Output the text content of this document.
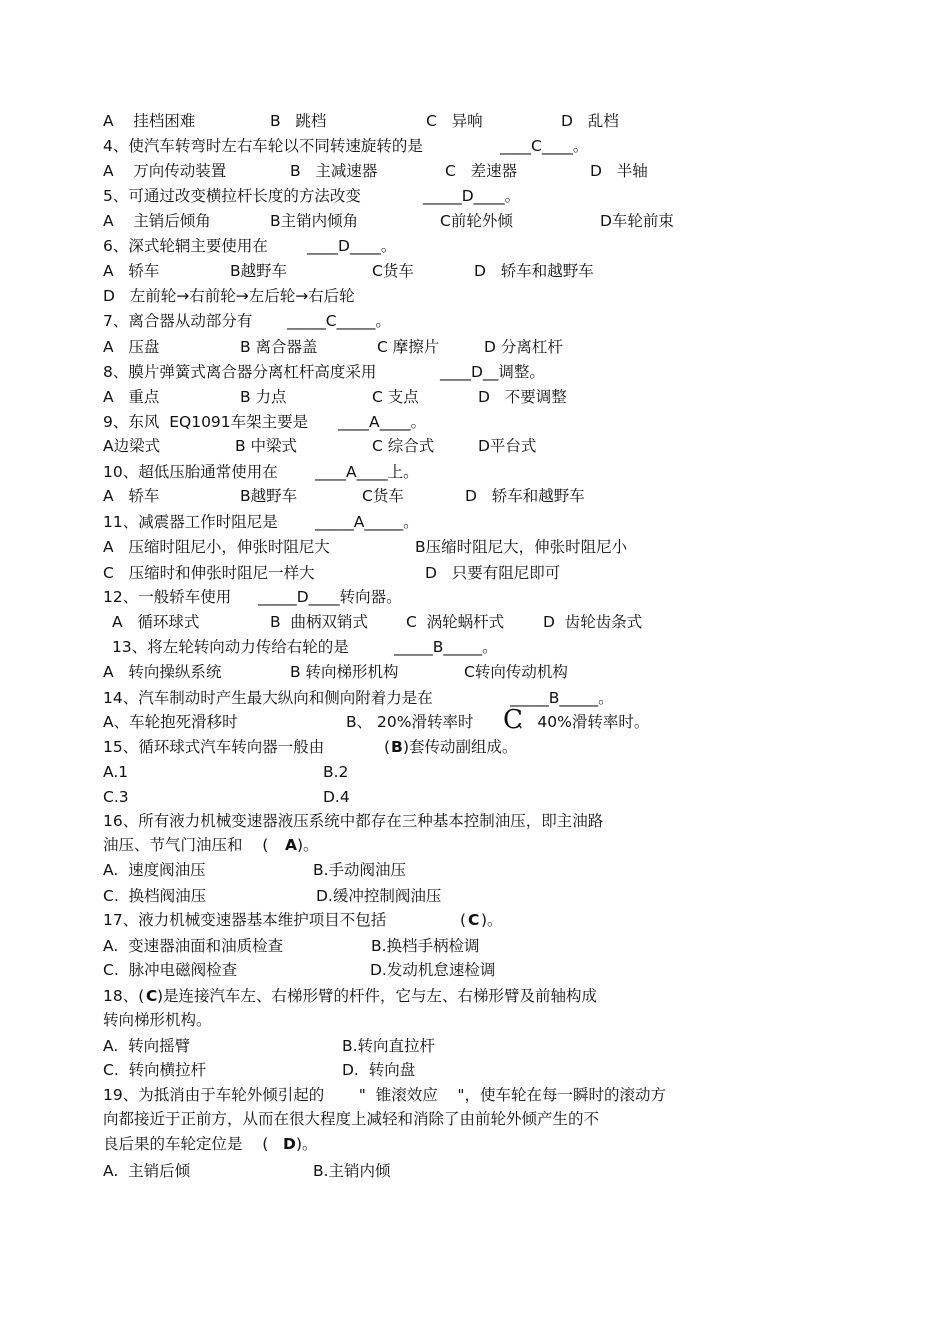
A    挂档困难	B   跳档	C   异响	D   乱档
4、使汽车转弯时左右车轮以不同转速旋转的是	____C____。
A    万向传动装置	B   主减速器	C   差速器	D   半轴
5、可通过改变横拉杆长度的方法改变	_____D____。
A    主销后倾角	B主销内倾角	C前轮外倾	D车轮前束
6、深式轮辋主要使用在	____D____。
A   轿车	B越野车	C货车	D   轿车和越野车
D   左前轮→右前轮→左后轮→右后轮
7、离合器从动部分有 _____C_____。
A   压盘	B 离合器盖	C 摩擦片	D 分离杠杆
8、膜片弹簧式离合器分离杠杆高度采用	____D__调整。
A   重点	B 力点	C 支点	D   不要调整
9、东风  EQ1091车架主要是 ____A____。
A边梁式	B 中梁式	C 综合式	D平台式
10、超低压胎通常使用在 ____A____上。
A   轿车	B越野车	C货车	D   轿车和越野车
11、减震器工作时阻尼是 _____A_____。
A   压缩时阻尼小，伸张时阻尼大	B压缩时阻尼大，伸张时阻尼小
C   压缩时和伸张时阻尼一样大	D   只要有阻尼即可
12、一般轿车使用 _____D____转向器。
A   循环球式	B  曲柄双销式 C  涡轮蜗杆式	D  齿轮齿条式
13、将左轮转向动力传给右轮的是	_____B_____。
A   转向操纵系统	B 转向梯形机构	C转向传动机构
14、汽车制动时产生最大纵向和侧向附着力是在	_____B_____。
A、车轮抱死滑移时	B、 20%滑转率时	、 40%滑转率时。
15、循环球式汽车转向器一般由	( B )套传动副组成。
A.1	B.2
C.3	D.4
16、所有液力机械变速器液压系统中都存在三种基本控制油压，即主油路
油压、节气门油压和    ( A )。
A.  速度阀油压	B.手动阀油压
C.  换档阀油压	D.缓冲控制阀油压
17、液力机械变速器基本维护项目不包括	( C )。
A.  变速器油面和油质检查	B.换档手柄检调
C.  脉冲电磁阀检查	D.发动机怠速检调
18、( C )是连接汽车左、右梯形臂的杆件，它与左、右梯形臂及前轴构成
转向梯形机构。
A.  转向摇臂	B.转向直拉杆
C.  转向横拉杆	D.  转向盘
19、为抵消由于车轮外倾引起的       "  锥滚效应    "，使车轮在每一瞬时的滚动方
向都接近于正前方，从而在很大程度上减轻和消除了由前轮外倾产生的不
良后果的车轮定位是    ( D )。
A.  主销后倾	B.主销内倾
C
